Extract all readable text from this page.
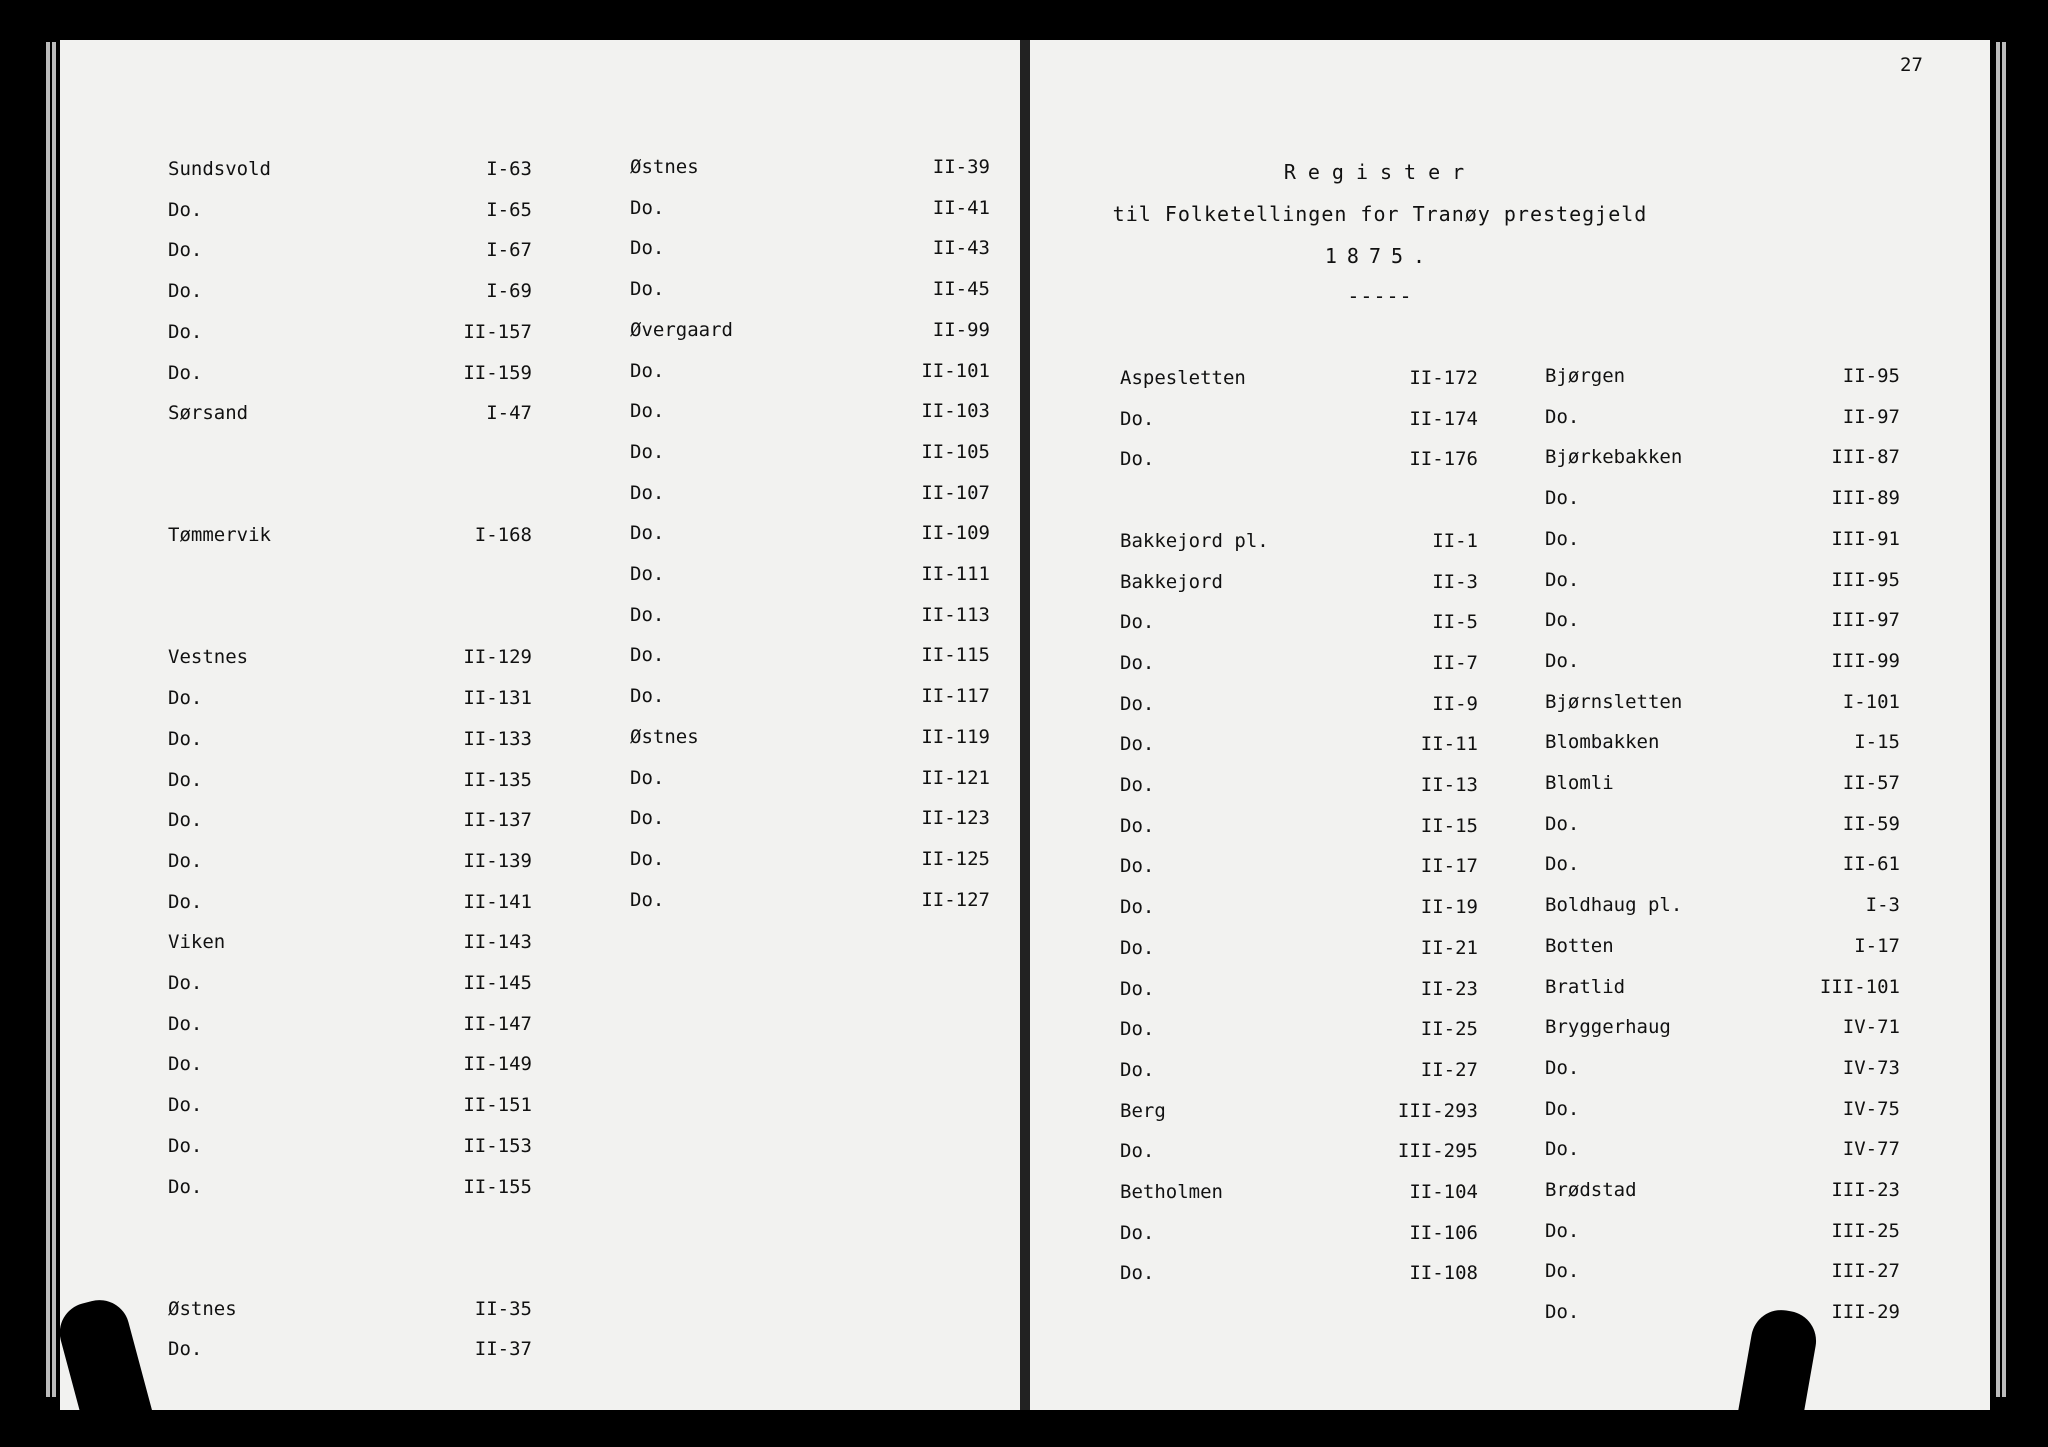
27
Register
til Folketellingen for Tranøy prestegjeld
1875.
-----
Sundsvold	I-63
Do.	I-65
Do.	I-67
Do.	I-69
Do.	II-157
Do.	II-159
Sørsand	I-47
Tømmervik	I-168
Vestnes	II-129
Do.	II-131
Do.	II-133
Do.	II-135
Do.	II-137
Do.	II-139
Do.	II-141
Viken	II-143
Do.	II-145
Do.	II-147
Do.	II-149
Do.	II-151
Do.	II-153
Do.	II-155
Østnes	II-35
Do.	II-37
Østnes	II-39
Do.	II-41
Do.	II-43
Do.	II-45
Øvergaard	II-99
Do.	II-101
Do.	II-103
Do.	II-105
Do.	II-107
Do.	II-109
Do.	II-111
Do.	II-113
Do.	II-115
Do.	II-117
Østnes	II-119
Do.	II-121
Do.	II-123
Do.	II-125
Do.	II-127
Aspesletten	II-172
Do.	II-174
Do.	II-176
Bakkejord pl.	II-1
Bakkejord	II-3
Do.	II-5
Do.	II-7
Do.	II-9
Do.	II-11
Do.	II-13
Do.	II-15
Do.	II-17
Do.	II-19
Do.	II-21
Do.	II-23
Do.	II-25
Do.	II-27
Berg	III-293
Do.	III-295
Betholmen	II-104
Do.	II-106
Do.	II-108
Bjørgen	II-95
Do.	II-97
Bjørkebakken	III-87
Do.	III-89
Do.	III-91
Do.	III-95
Do.	III-97
Do.	III-99
Bjørnsletten	I-101
Blombakken	I-15
Blomli	II-57
Do.	II-59
Do.	II-61
Boldhaug pl.	I-3
Botten	I-17
Bratlid	III-101
Bryggerhaug	IV-71
Do.	IV-73
Do.	IV-75
Do.	IV-77
Brødstad	III-23
Do.	III-25
Do.	III-27
Do.	III-29
